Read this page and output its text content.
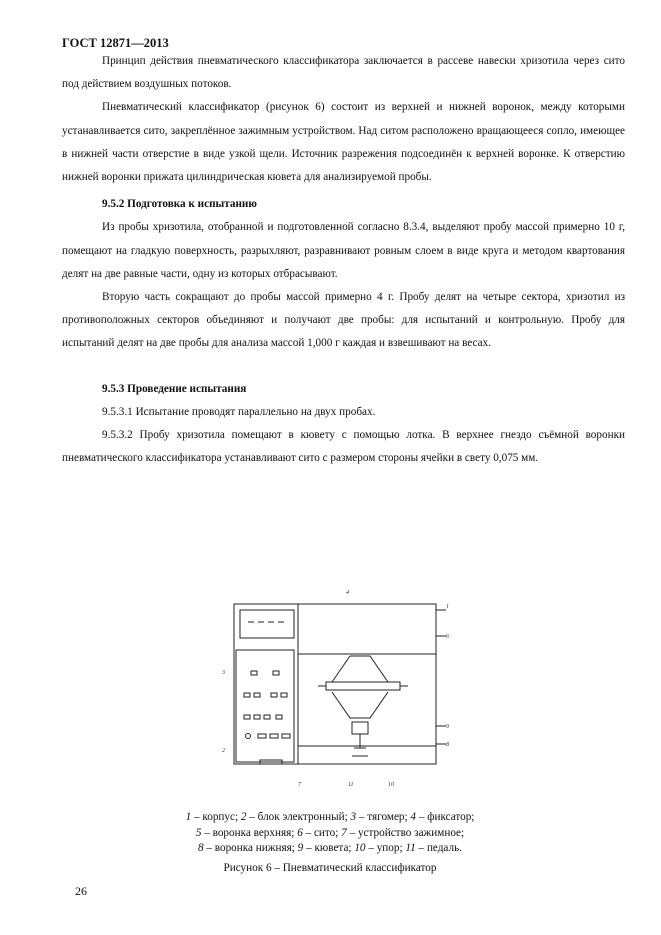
ГОСТ 12871—2013

Принцип действия пневматического классификатора заключается в рассеве навески хризотила через сито под действием воздушных потоков.

Пневматический классификатор (рисунок 6) состоит из верхней и нижней воронок, между которыми устанавливается сито, закреплённое зажимным устройством. Над ситом расположено вращающееся сопло, имеющее в нижней части отверстие в виде узкой щели. Источник разрежения подсоединён к верхней воронке. К отверстию нижней воронки прижата цилиндрическая кювета для анализируемой пробы.

9.5.2 Подготовка к испытанию

Из пробы хризотила, отобранной и подготовленной согласно 8.3.4, выделяют пробу массой примерно 10 г, помещают на гладкую поверхность, разрыхляют, разравнивают ровным слоем в виде круга и методом квартования делят на две равные части, одну из которых отбрасывают.

Вторую часть сокращают до пробы массой примерно 4 г. Пробу делят на четыре сектора, хризотил из противоположных секторов объединяют и получают две пробы: для испытаний и контрольную. Пробу для испытаний делят на две пробы для анализа массой 1,000 г каждая и взвешивают на весах.

9.5.3 Проведение испытания

9.5.3.1 Испытание проводят параллельно на двух пробах.

9.5.3.2 Пробу хризотила помещают в кювету с помощью лотка. В верхнее гнездо съёмной воронки пневматического классификатора устанавливают сито с размером стороны ячейки в свету 0,075 мм.

4
1
6
3
9
2
8
7	11	10
1 – корпус; 2 – блок электронный; 3 – тягомер; 4 – фиксатор;
5 – воронка верхняя; 6 – сито; 7 – устройство зажимное;
8 – воронка нижняя; 9 – кювета; 10 – упор; 11 – педаль.
Рисунок 6 – Пневматический классификатор
26
